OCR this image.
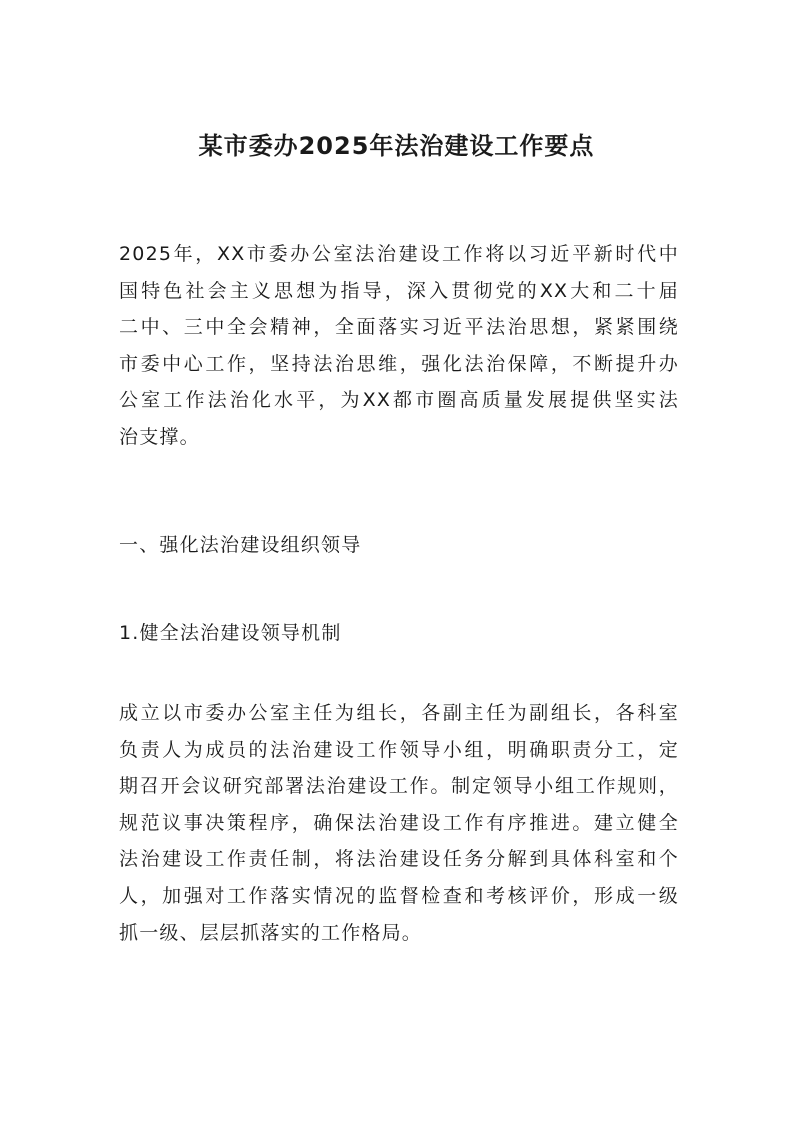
某市委办2025年法治建设工作要点
2025年，XX市委办公室法治建设工作将以习近平新时代中
国特色社会主义思想为指导，深入贯彻党的XX大和二十届
二中、三中全会精神，全面落实习近平法治思想，紧紧围绕
市委中心工作，坚持法治思维，强化法治保障，不断提升办
公室工作法治化水平，为XX都市圈高质量发展提供坚实法
治支撑。
一、强化法治建设组织领导
1.健全法治建设领导机制
成立以市委办公室主任为组长，各副主任为副组长，各科室
负责人为成员的法治建设工作领导小组，明确职责分工，定
期召开会议研究部署法治建设工作。制定领导小组工作规则，
规范议事决策程序，确保法治建设工作有序推进。建立健全
法治建设工作责任制，将法治建设任务分解到具体科室和个
人，加强对工作落实情况的监督检查和考核评价，形成一级
抓一级、层层抓落实的工作格局。
